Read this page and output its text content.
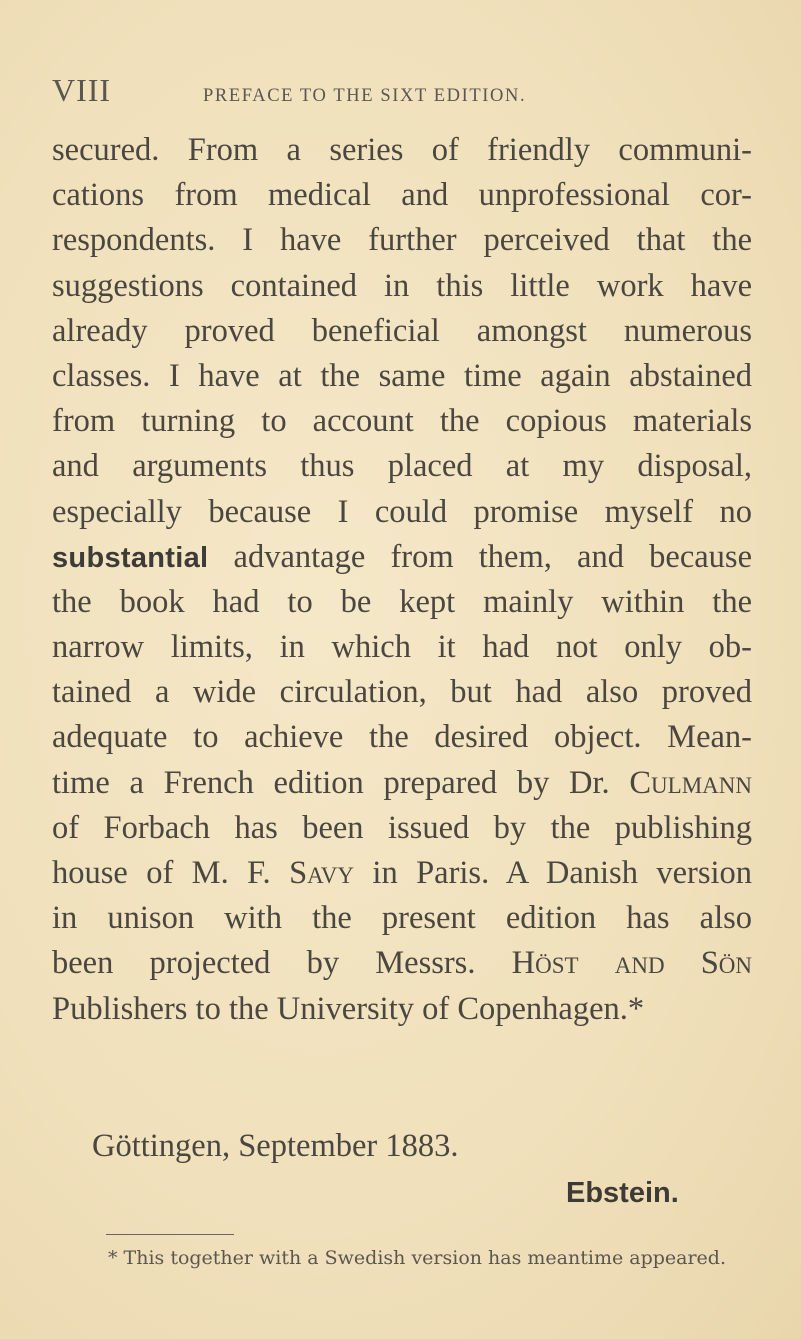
VIII	PREFACE TO THE SIXT EDITION.
secured. From a series of friendly communi-
cations from medical and unprofessional cor-
respondents. I have further perceived that the
suggestions contained in this little work have
already proved beneficial amongst numerous
classes. I have at the same time again abstained
from turning to account the copious materials
and arguments thus placed at my disposal,
especially because I could promise myself no
substantial advantage from them, and because
the book had to be kept mainly within the
narrow limits, in which it had not only ob-
tained a wide circulation, but had also proved
adequate to achieve the desired object. Mean-
time a French edition prepared by Dr. Culmann
of Forbach has been issued by the publishing
house of M. F. Savy in Paris. A Danish version
in unison with the present edition has also
been projected by Messrs. Höst and Sön
Publishers to the University of Copenhagen.*
Göttingen, September 1883.
Ebstein.
* This together with a Swedish version has meantime appeared.
